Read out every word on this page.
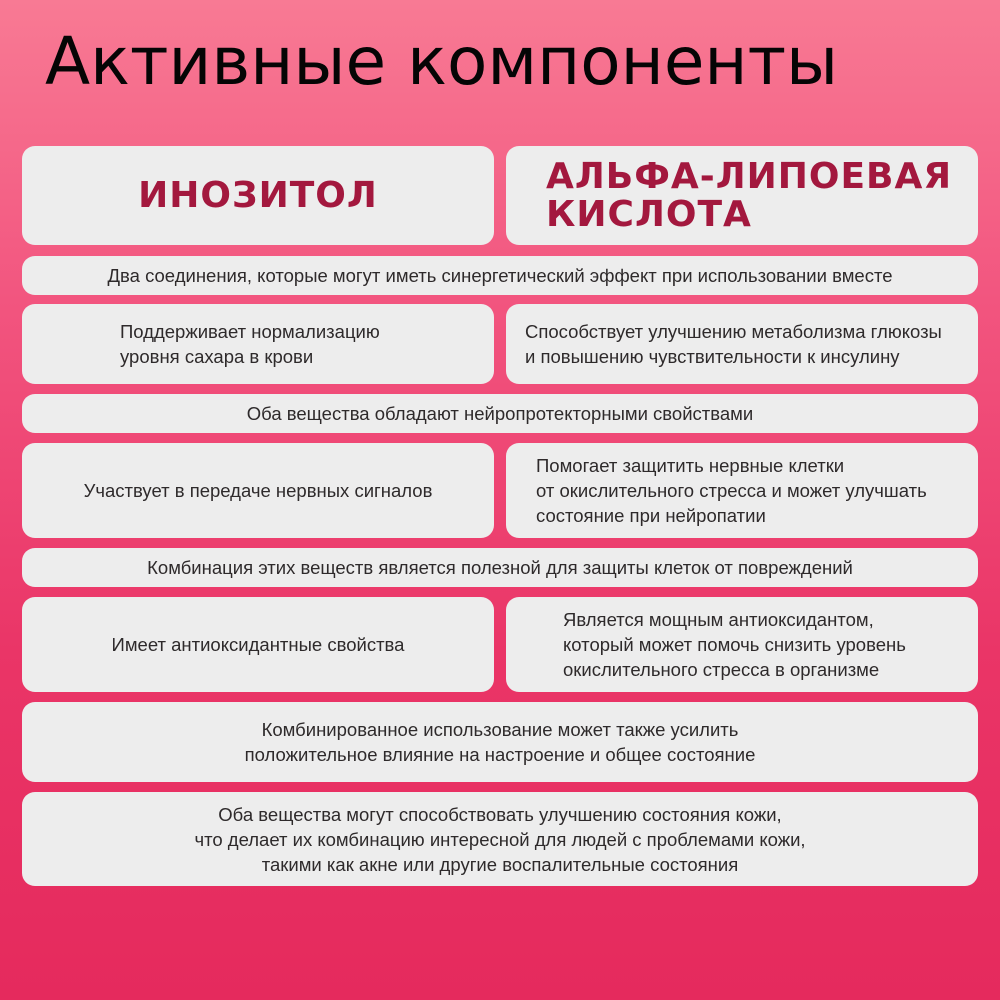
Активные компоненты
ИНОЗИТОЛ	АЛЬФА-ЛИПОЕВАЯ
КИСЛОТА
Два соединения, которые могут иметь синергетический эффект при использовании вместе
Поддерживает нормализацию
уровня сахара в крови
Способствует улучшению метаболизма глюкозы
и повышению чувствительности к инсулину
Оба вещества обладают нейропротекторными свойствами
Участвует в передаче нервных сигналов
Помогает защитить нервные клетки
от окислительного стресса и может улучшать
состояние при нейропатии
Комбинация этих веществ является полезной для защиты клеток от повреждений
Имеет антиоксидантные свойства
Является мощным антиоксидантом,
который может помочь снизить уровень
окислительного стресса в организме
Комбинированное использование может также усилить
положительное влияние на настроение и общее состояние
Оба вещества могут способствовать улучшению состояния кожи,
что делает их комбинацию интересной для людей с проблемами кожи,
такими как акне или другие воспалительные состояния
